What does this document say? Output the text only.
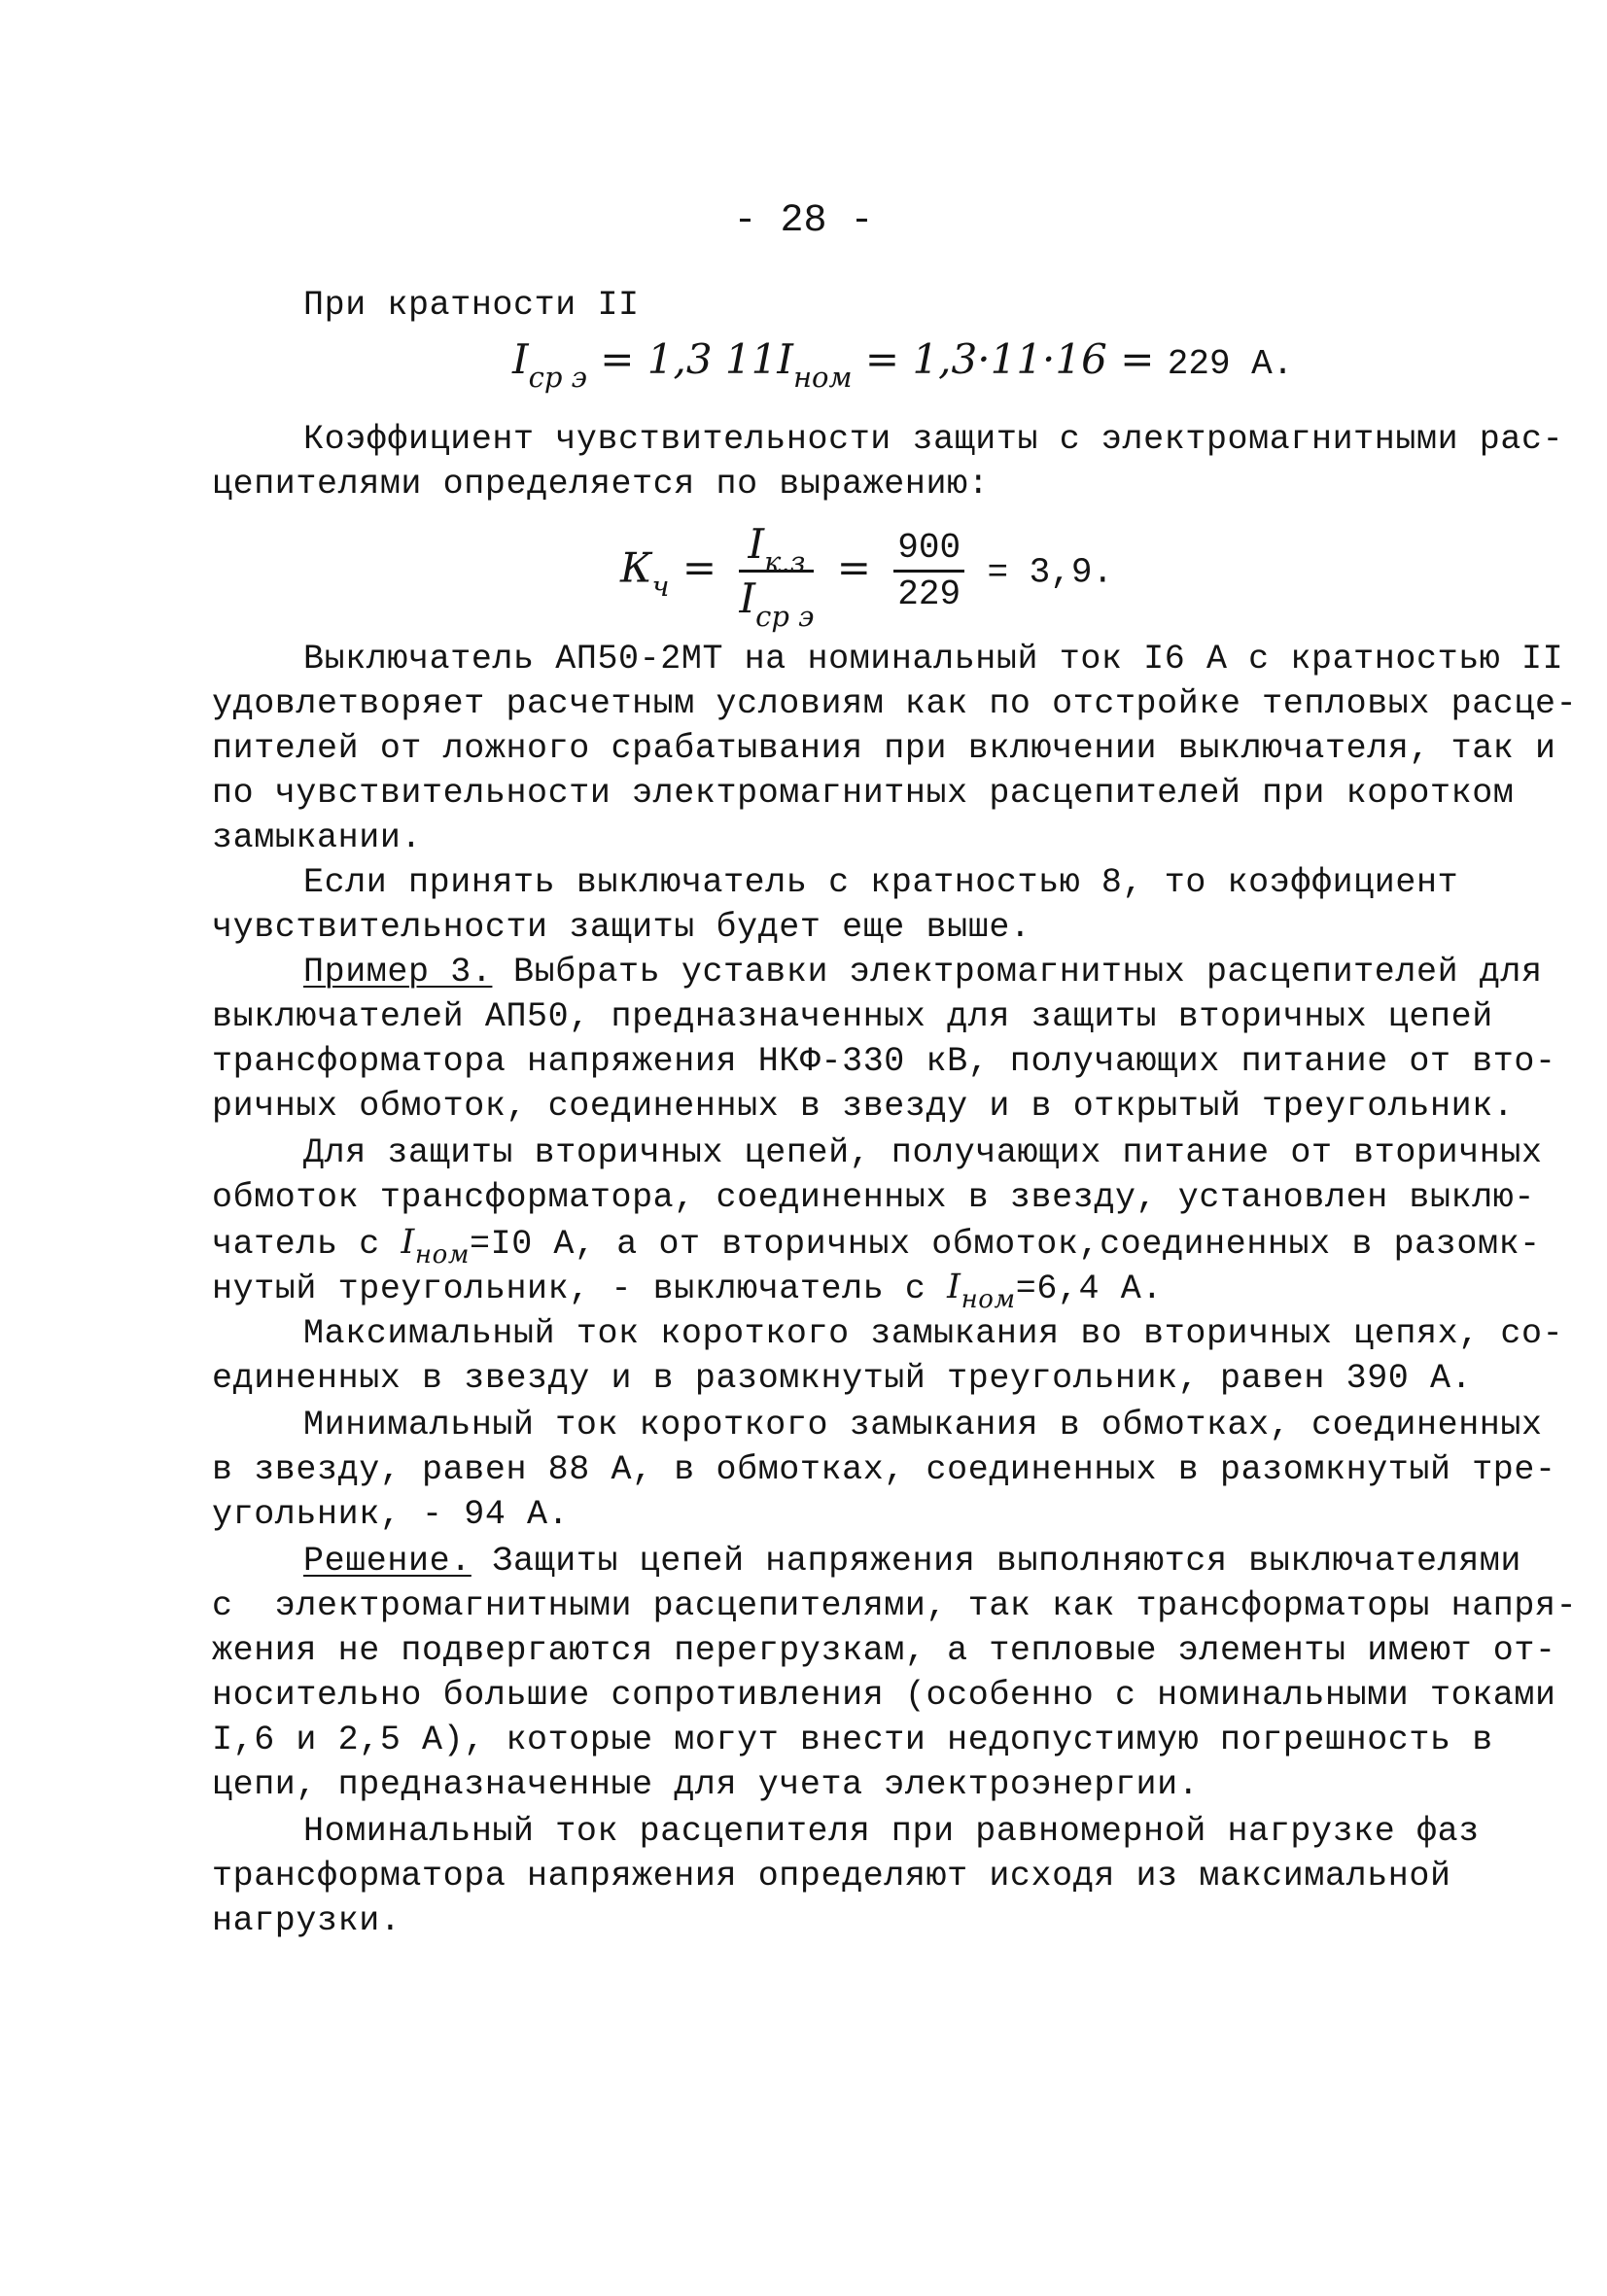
- 28 -
При кратности II
$I_{ср э} = 1,3$ $11I_{ном} = 1,3\cdot 11\cdot 16 = 229$ А.
Коэффициент чувствительности защиты с электромагнитными рас-
цепителями определяется по выражению:
$К_ч = \frac{I_{к.з}}{I_{ср э}} = \frac{900}{229} = 3,9$.
Выключатель АП50-2МТ на номинальный ток I6 А с кратностью II
удовлетворяет расчетным условиям как по отстройке тепловых расце-
пителей от ложного срабатывания при включении выключателя, так и
по чувствительности электромагнитных расцепителей при коротком
замыкании.
Если принять выключатель с кратностью 8, то коэффициент
чувствительности защиты будет еще выше.
Пример 3. Выбрать уставки электромагнитных расцепителей для
выключателей АП50, предназначенных для защиты вторичных цепей
трансформатора напряжения НКФ-330 кВ, получающих питание от вто-
ричных обмоток, соединенных в звезду и в открытый треугольник.
Для защиты вторичных цепей, получающих питание от вторичных
обмоток трансформатора, соединенных в звезду, установлен выклю-
чатель с $I_{ном}=I0$ А, а от вторичных обмоток,соединенных в разомк-
нутый треугольник, - выключатель с $I_{ном}=6,4$ А.
Максимальный ток короткого замыкания во вторичных цепях, со-
единенных в звезду и в разомкнутый треугольник, равен 390 А.
Минимальный ток короткого замыкания в обмотках, соединенных
в звезду, равен 88 А, в обмотках, соединенных в разомкнутый тре-
угольник, - 94 А.
Решение. Защиты цепей напряжения выполняются выключателями
с  электромагнитными расцепителями, так как трансформаторы напря-
жения не подвергаются перегрузкам, а тепловые элементы имеют от-
носительно большие сопротивления (особенно с номинальными токами
I,6 и 2,5 А), которые могут внести недопустимую погрешность в
цепи, предназначенные для учета электроэнергии.
Номинальный ток расцепителя при равномерной нагрузке фаз
трансформатора напряжения определяют исходя из максимальной
нагрузки.
